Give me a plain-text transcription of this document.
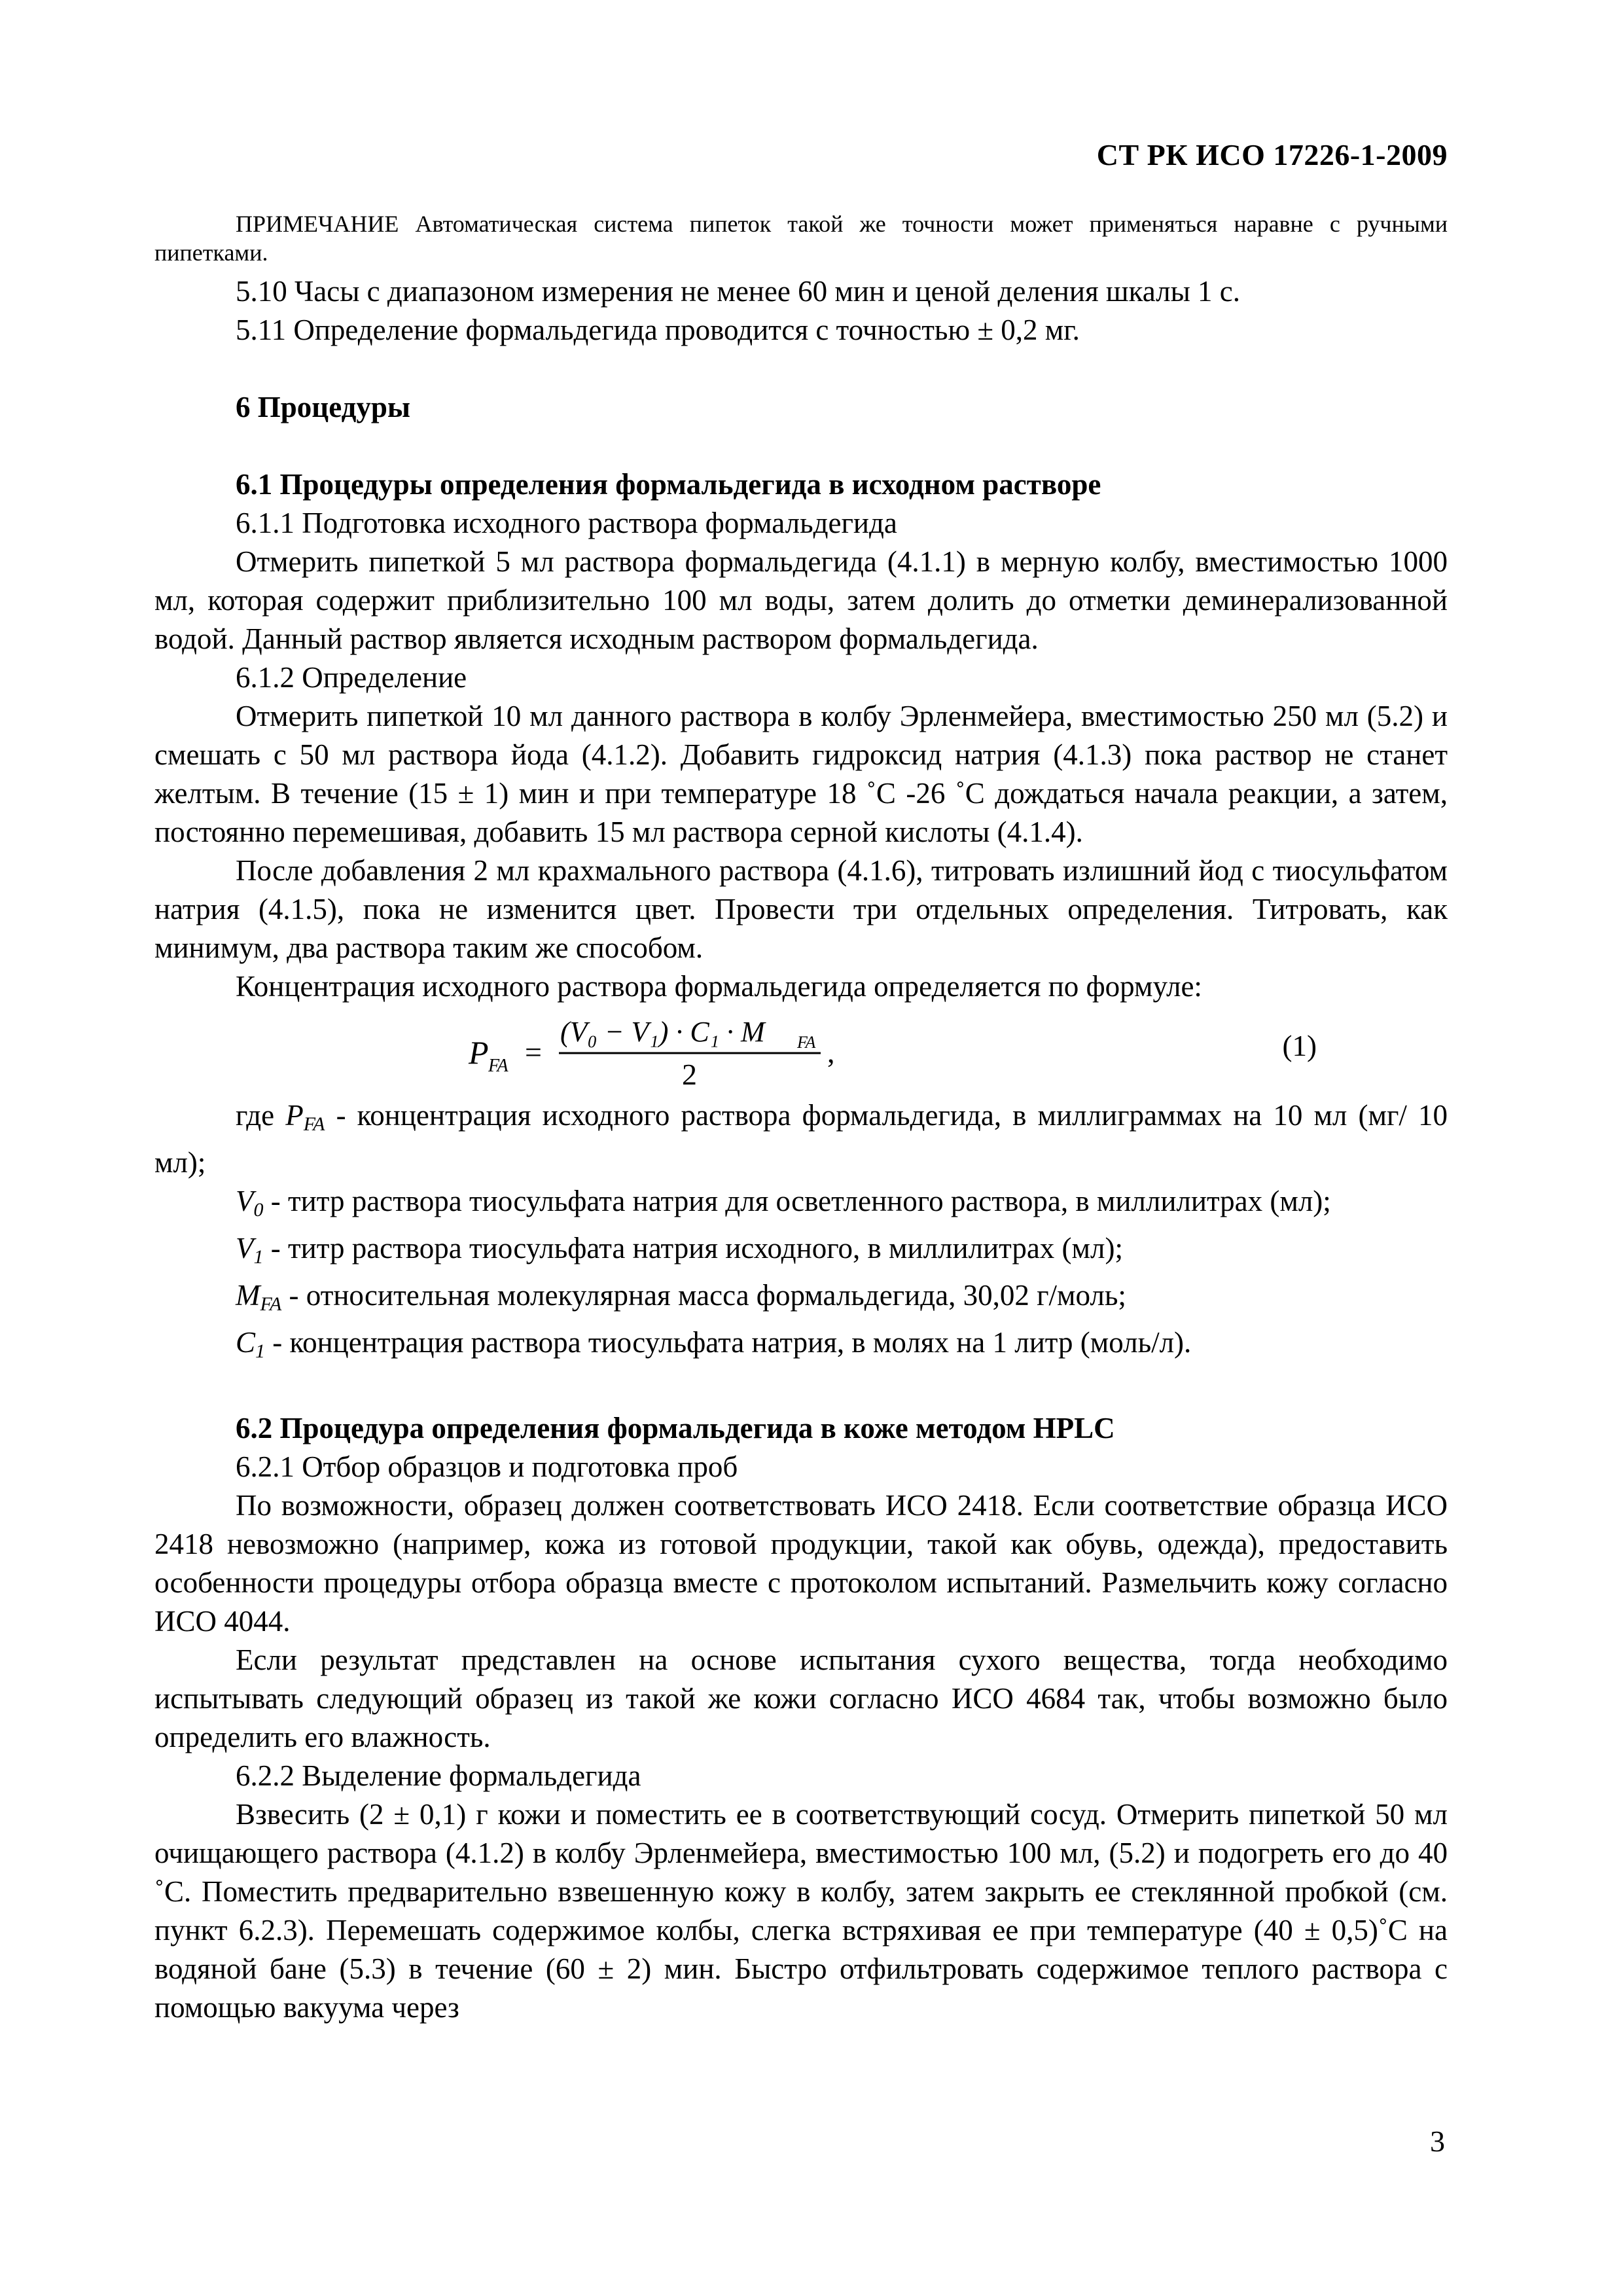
СТ РК ИСО 17226-1-2009

ПРИМЕЧАНИЕ Автоматическая система пипеток такой же точности может применяться наравне с ручными пипетками.

5.10 Часы с диапазоном измерения не менее 60 мин и ценой деления шкалы 1 с.

5.11 Определение формальдегида проводится с точностью ± 0,2 мг.

6 Процедуры

6.1 Процедуры определения формальдегида в исходном растворе

6.1.1 Подготовка исходного раствора формальдегида

Отмерить пипеткой 5 мл раствора формальдегида (4.1.1) в мерную колбу, вместимостью 1000 мл, которая содержит приблизительно 100 мл воды, затем долить до отметки деминерализованной водой. Данный раствор является исходным раствором формальдегида.

6.1.2 Определение

Отмерить пипеткой 10 мл данного раствора в колбу Эрленмейера, вместимостью 250 мл (5.2) и смешать с 50 мл раствора йода (4.1.2). Добавить гидроксид натрия (4.1.3) пока раствор не станет желтым. В течение (15 ± 1) мин и при температуре 18 ˚С -26 ˚С дождаться начала реакции, а затем, постоянно перемешивая, добавить 15 мл раствора серной кислоты (4.1.4).

После добавления 2 мл крахмального раствора (4.1.6), титровать излишний йод с тиосульфатом натрия (4.1.5), пока не изменится цвет. Провести три отдельных определения. Титровать, как минимум, два раствора таким же способом.

Концентрация исходного раствора формальдегида определяется по формуле:

P FA =
(V₀ − V₁) · C₁ · M FA
2
,	(1)

где $P_{FA}$ - концентрация исходного раствора формальдегида, в миллиграммах на 10 мл (мг/ 10 мл);

$V_0$ - титр раствора тиосульфата натрия для осветленного раствора, в миллилитрах (мл);

$V_1$ - титр раствора тиосульфата натрия исходного, в миллилитрах (мл);

$M_{FA}$ - относительная молекулярная масса формальдегида, 30,02 г/моль;

$C_1$ - концентрация раствора тиосульфата натрия, в молях на 1 литр (моль/л).

6.2 Процедура определения формальдегида в коже методом HPLC

6.2.1 Отбор образцов и подготовка проб

По возможности, образец должен соответствовать ИСО 2418. Если соответствие образца ИСО 2418 невозможно (например, кожа из готовой продукции, такой как обувь, одежда), предоставить особенности процедуры отбора образца вместе с протоколом испытаний. Размельчить кожу согласно ИСО 4044.

Если результат представлен на основе испытания сухого вещества, тогда необходимо испытывать следующий образец из такой же кожи согласно ИСО 4684 так, чтобы возможно было определить его влажность.

6.2.2 Выделение формальдегида

Взвесить (2 ± 0,1) г кожи и поместить ее в соответствующий сосуд. Отмерить пипеткой 50 мл очищающего раствора (4.1.2) в колбу Эрленмейера, вместимостью 100 мл, (5.2) и подогреть его до 40 ˚С. Поместить предварительно взвешенную кожу в колбу, затем закрыть ее стеклянной пробкой (см. пункт 6.2.3). Перемешать содержимое колбы, слегка встряхивая ее при температуре (40 ± 0,5)˚С на водяной бане (5.3) в течение (60 ± 2) мин. Быстро отфильтровать содержимое теплого раствора с помощью вакуума через

3
